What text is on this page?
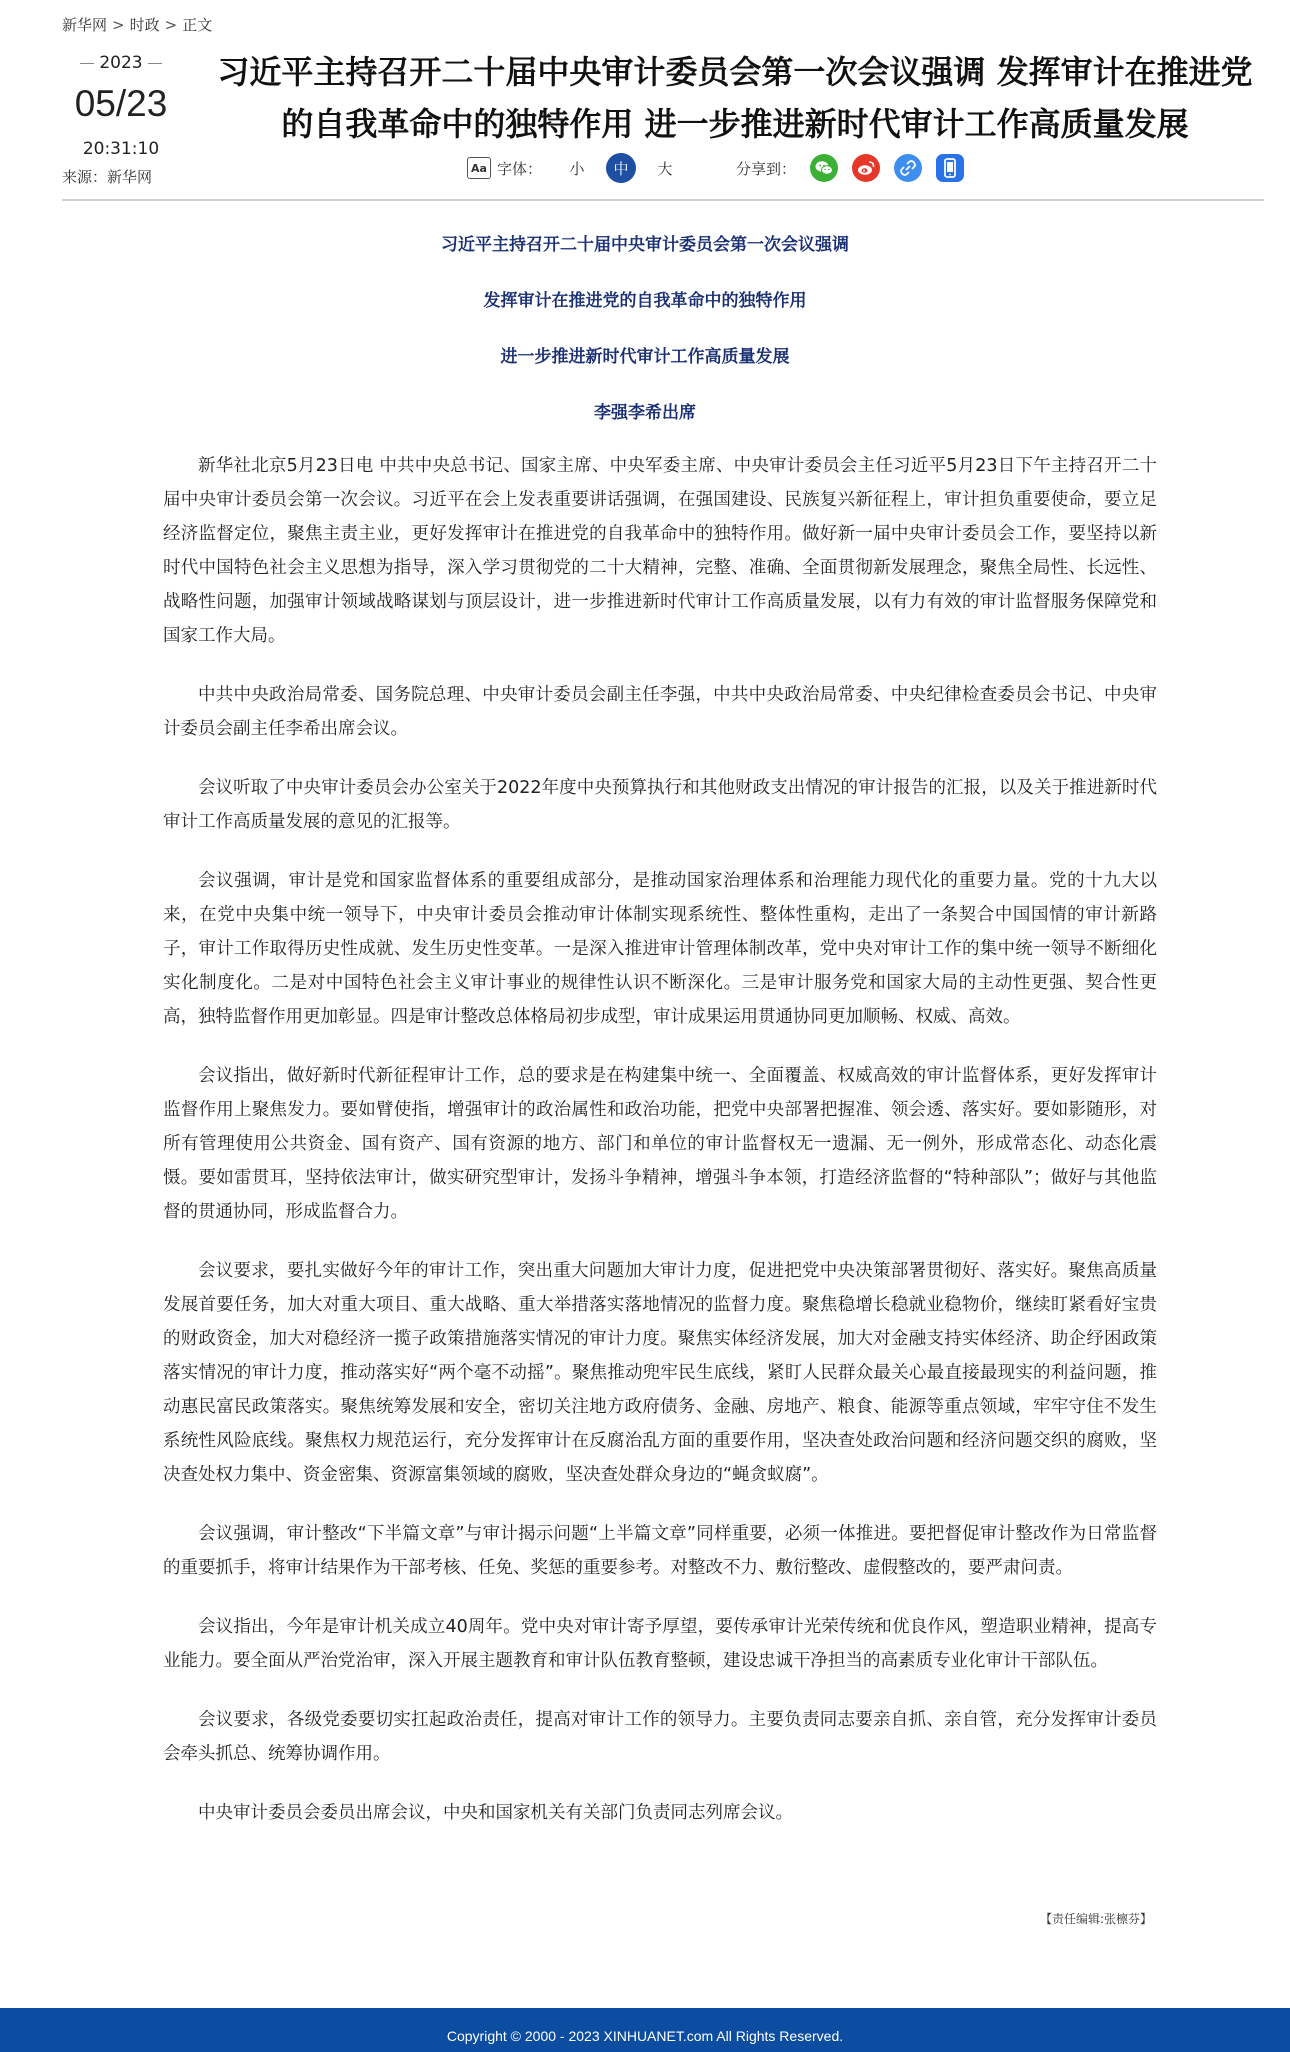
新华网 > 时政 > 正文
2023
05/23
20:31:10
来源：新华网
习近平主持召开二十届中央审计委员会第一次会议强调 发挥审计在推进党的自我革命中的独特作用 进一步推进新时代审计工作高质量发展
Aa 字体：	小	中	大	分享到：
习近平主持召开二十届中央审计委员会第一次会议强调
发挥审计在推进党的自我革命中的独特作用
进一步推进新时代审计工作高质量发展
李强李希出席

新华社北京5月23日电 中共中央总书记、国家主席、中央军委主席、中央审计委员会主任习近平5月23日下午主持召开二十届中央审计委员会第一次会议。习近平在会上发表重要讲话强调，在强国建设、民族复兴新征程上，审计担负重要使命，要立足经济监督定位，聚焦主责主业，更好发挥审计在推进党的自我革命中的独特作用。做好新一届中央审计委员会工作，要坚持以新时代中国特色社会主义思想为指导，深入学习贯彻党的二十大精神，完整、准确、全面贯彻新发展理念，聚焦全局性、长远性、战略性问题，加强审计领域战略谋划与顶层设计，进一步推进新时代审计工作高质量发展，以有力有效的审计监督服务保障党和国家工作大局。

中共中央政治局常委、国务院总理、中央审计委员会副主任李强，中共中央政治局常委、中央纪律检查委员会书记、中央审计委员会副主任李希出席会议。

会议听取了中央审计委员会办公室关于2022年度中央预算执行和其他财政支出情况的审计报告的汇报，以及关于推进新时代审计工作高质量发展的意见的汇报等。

会议强调，审计是党和国家监督体系的重要组成部分，是推动国家治理体系和治理能力现代化的重要力量。党的十九大以来，在党中央集中统一领导下，中央审计委员会推动审计体制实现系统性、整体性重构，走出了一条契合中国国情的审计新路子，审计工作取得历史性成就、发生历史性变革。一是深入推进审计管理体制改革，党中央对审计工作的集中统一领导不断细化实化制度化。二是对中国特色社会主义审计事业的规律性认识不断深化。三是审计服务党和国家大局的主动性更强、契合性更高，独特监督作用更加彰显。四是审计整改总体格局初步成型，审计成果运用贯通协同更加顺畅、权威、高效。

会议指出，做好新时代新征程审计工作，总的要求是在构建集中统一、全面覆盖、权威高效的审计监督体系，更好发挥审计监督作用上聚焦发力。要如臂使指，增强审计的政治属性和政治功能，把党中央部署把握准、领会透、落实好。要如影随形，对所有管理使用公共资金、国有资产、国有资源的地方、部门和单位的审计监督权无一遗漏、无一例外，形成常态化、动态化震慑。要如雷贯耳，坚持依法审计，做实研究型审计，发扬斗争精神，增强斗争本领，打造经济监督的“特种部队”；做好与其他监督的贯通协同，形成监督合力。

会议要求，要扎实做好今年的审计工作，突出重大问题加大审计力度，促进把党中央决策部署贯彻好、落实好。聚焦高质量发展首要任务，加大对重大项目、重大战略、重大举措落实落地情况的监督力度。聚焦稳增长稳就业稳物价，继续盯紧看好宝贵的财政资金，加大对稳经济一揽子政策措施落实情况的审计力度。聚焦实体经济发展，加大对金融支持实体经济、助企纾困政策落实情况的审计力度，推动落实好“两个毫不动摇”。聚焦推动兜牢民生底线，紧盯人民群众最关心最直接最现实的利益问题，推动惠民富民政策落实。聚焦统筹发展和安全，密切关注地方政府债务、金融、房地产、粮食、能源等重点领域，牢牢守住不发生系统性风险底线。聚焦权力规范运行，充分发挥审计在反腐治乱方面的重要作用，坚决查处政治问题和经济问题交织的腐败，坚决查处权力集中、资金密集、资源富集领域的腐败，坚决查处群众身边的“蝇贪蚁腐”。

会议强调，审计整改“下半篇文章”与审计揭示问题“上半篇文章”同样重要，必须一体推进。要把督促审计整改作为日常监督的重要抓手，将审计结果作为干部考核、任免、奖惩的重要参考。对整改不力、敷衍整改、虚假整改的，要严肃问责。

会议指出，今年是审计机关成立40周年。党中央对审计寄予厚望，要传承审计光荣传统和优良作风，塑造职业精神，提高专业能力。要全面从严治党治审，深入开展主题教育和审计队伍教育整顿，建设忠诚干净担当的高素质专业化审计干部队伍。

会议要求，各级党委要切实扛起政治责任，提高对审计工作的领导力。主要负责同志要亲自抓、亲自管，充分发挥审计委员会牵头抓总、统筹协调作用。

中央审计委员会委员出席会议，中央和国家机关有关部门负责同志列席会议。

【责任编辑:张檩芬】
Copyright © 2000 - 2023 XINHUANET.com All Rights Reserved.
